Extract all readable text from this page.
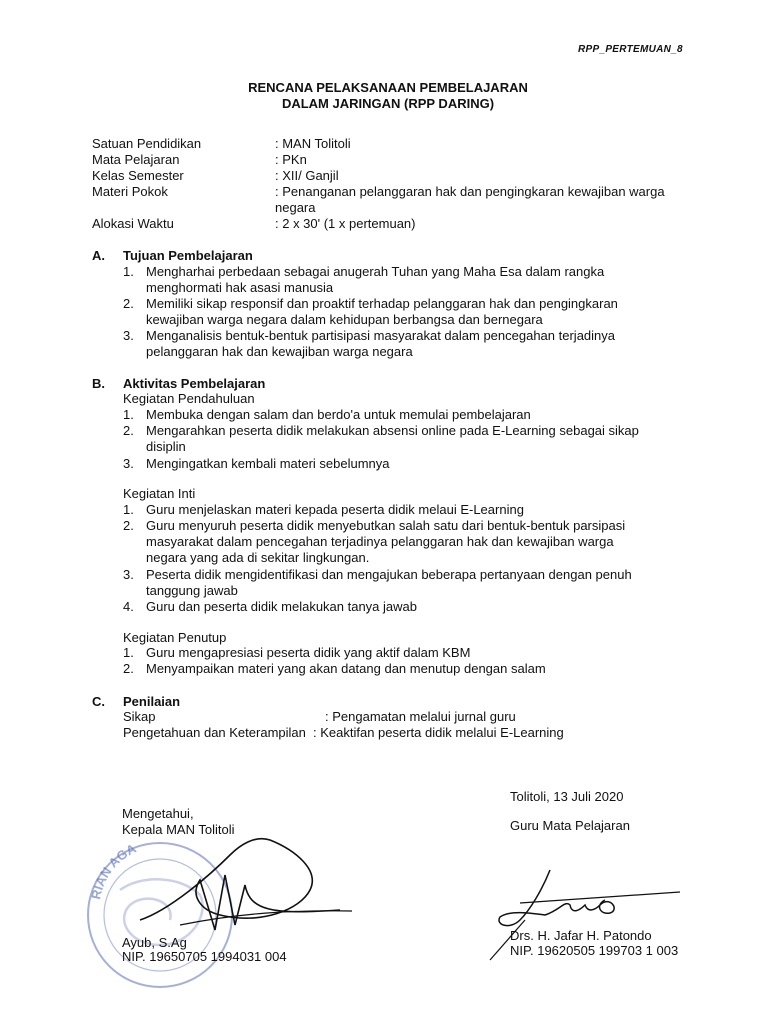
RPP_PERTEMUAN_8
RENCANA PELAKSANAAN PEMBELAJARAN
DALAM JARINGAN (RPP DARING)
Satuan Pendidikan	: MAN Tolitoli
Mata Pelajaran	: PKn
Kelas Semester	: XII/ Ganjil
Materi Pokok	: Penanganan pelanggaran hak dan pengingkaran kewajiban warga negara
Alokasi Waktu	: 2 x 30' (1 x pertemuan)
A. Tujuan Pembelajaran
1. Mengharhai perbedaan sebagai anugerah Tuhan yang Maha Esa dalam rangka
menghormati hak asasi manusia
2. Memiliki sikap responsif dan proaktif terhadap pelanggaran hak dan pengingkaran
kewajiban warga negara dalam kehidupan berbangsa dan bernegara
3. Menganalisis bentuk-bentuk partisipasi masyarakat dalam pencegahan terjadinya
pelanggaran hak dan kewajiban warga negara
B. Aktivitas Pembelajaran
Kegiatan Pendahuluan
1. Membuka dengan salam dan berdo'a untuk memulai pembelajaran
2. Mengarahkan peserta didik melakukan absensi online pada E-Learning sebagai sikap
disiplin
3. Mengingatkan kembali materi sebelumnya
Kegiatan Inti
1. Guru menjelaskan materi kepada peserta didik melaui E-Learning
2. Guru menyuruh peserta didik menyebutkan salah satu dari bentuk-bentuk parsipasi
masyarakat dalam pencegahan terjadinya pelanggaran hak dan kewajiban warga
negara yang ada di sekitar lingkungan.
3. Peserta didik mengidentifikasi dan mengajukan beberapa pertanyaan dengan penuh
tanggung jawab
4. Guru dan peserta didik melakukan tanya jawab
Kegiatan Penutup
1. Guru mengapresiasi peserta didik yang aktif dalam KBM
2. Menyampaikan materi yang akan datang dan menutup dengan salam
C. Penilaian
Sikap	: Pengamatan melalui jurnal guru
Pengetahuan dan Keterampilan : Keaktifan peserta didik melalui E-Learning
Tolitoli, 13 Juli 2020
Mengetahui,
Kepala MAN Tolitoli	Guru Mata Pelajaran
RIAN AGA
Ayub, S.Ag
NIP. 19650705 1994031 004
Drs. H. Jafar H. Patondo
NIP. 19620505 199703 1 003
